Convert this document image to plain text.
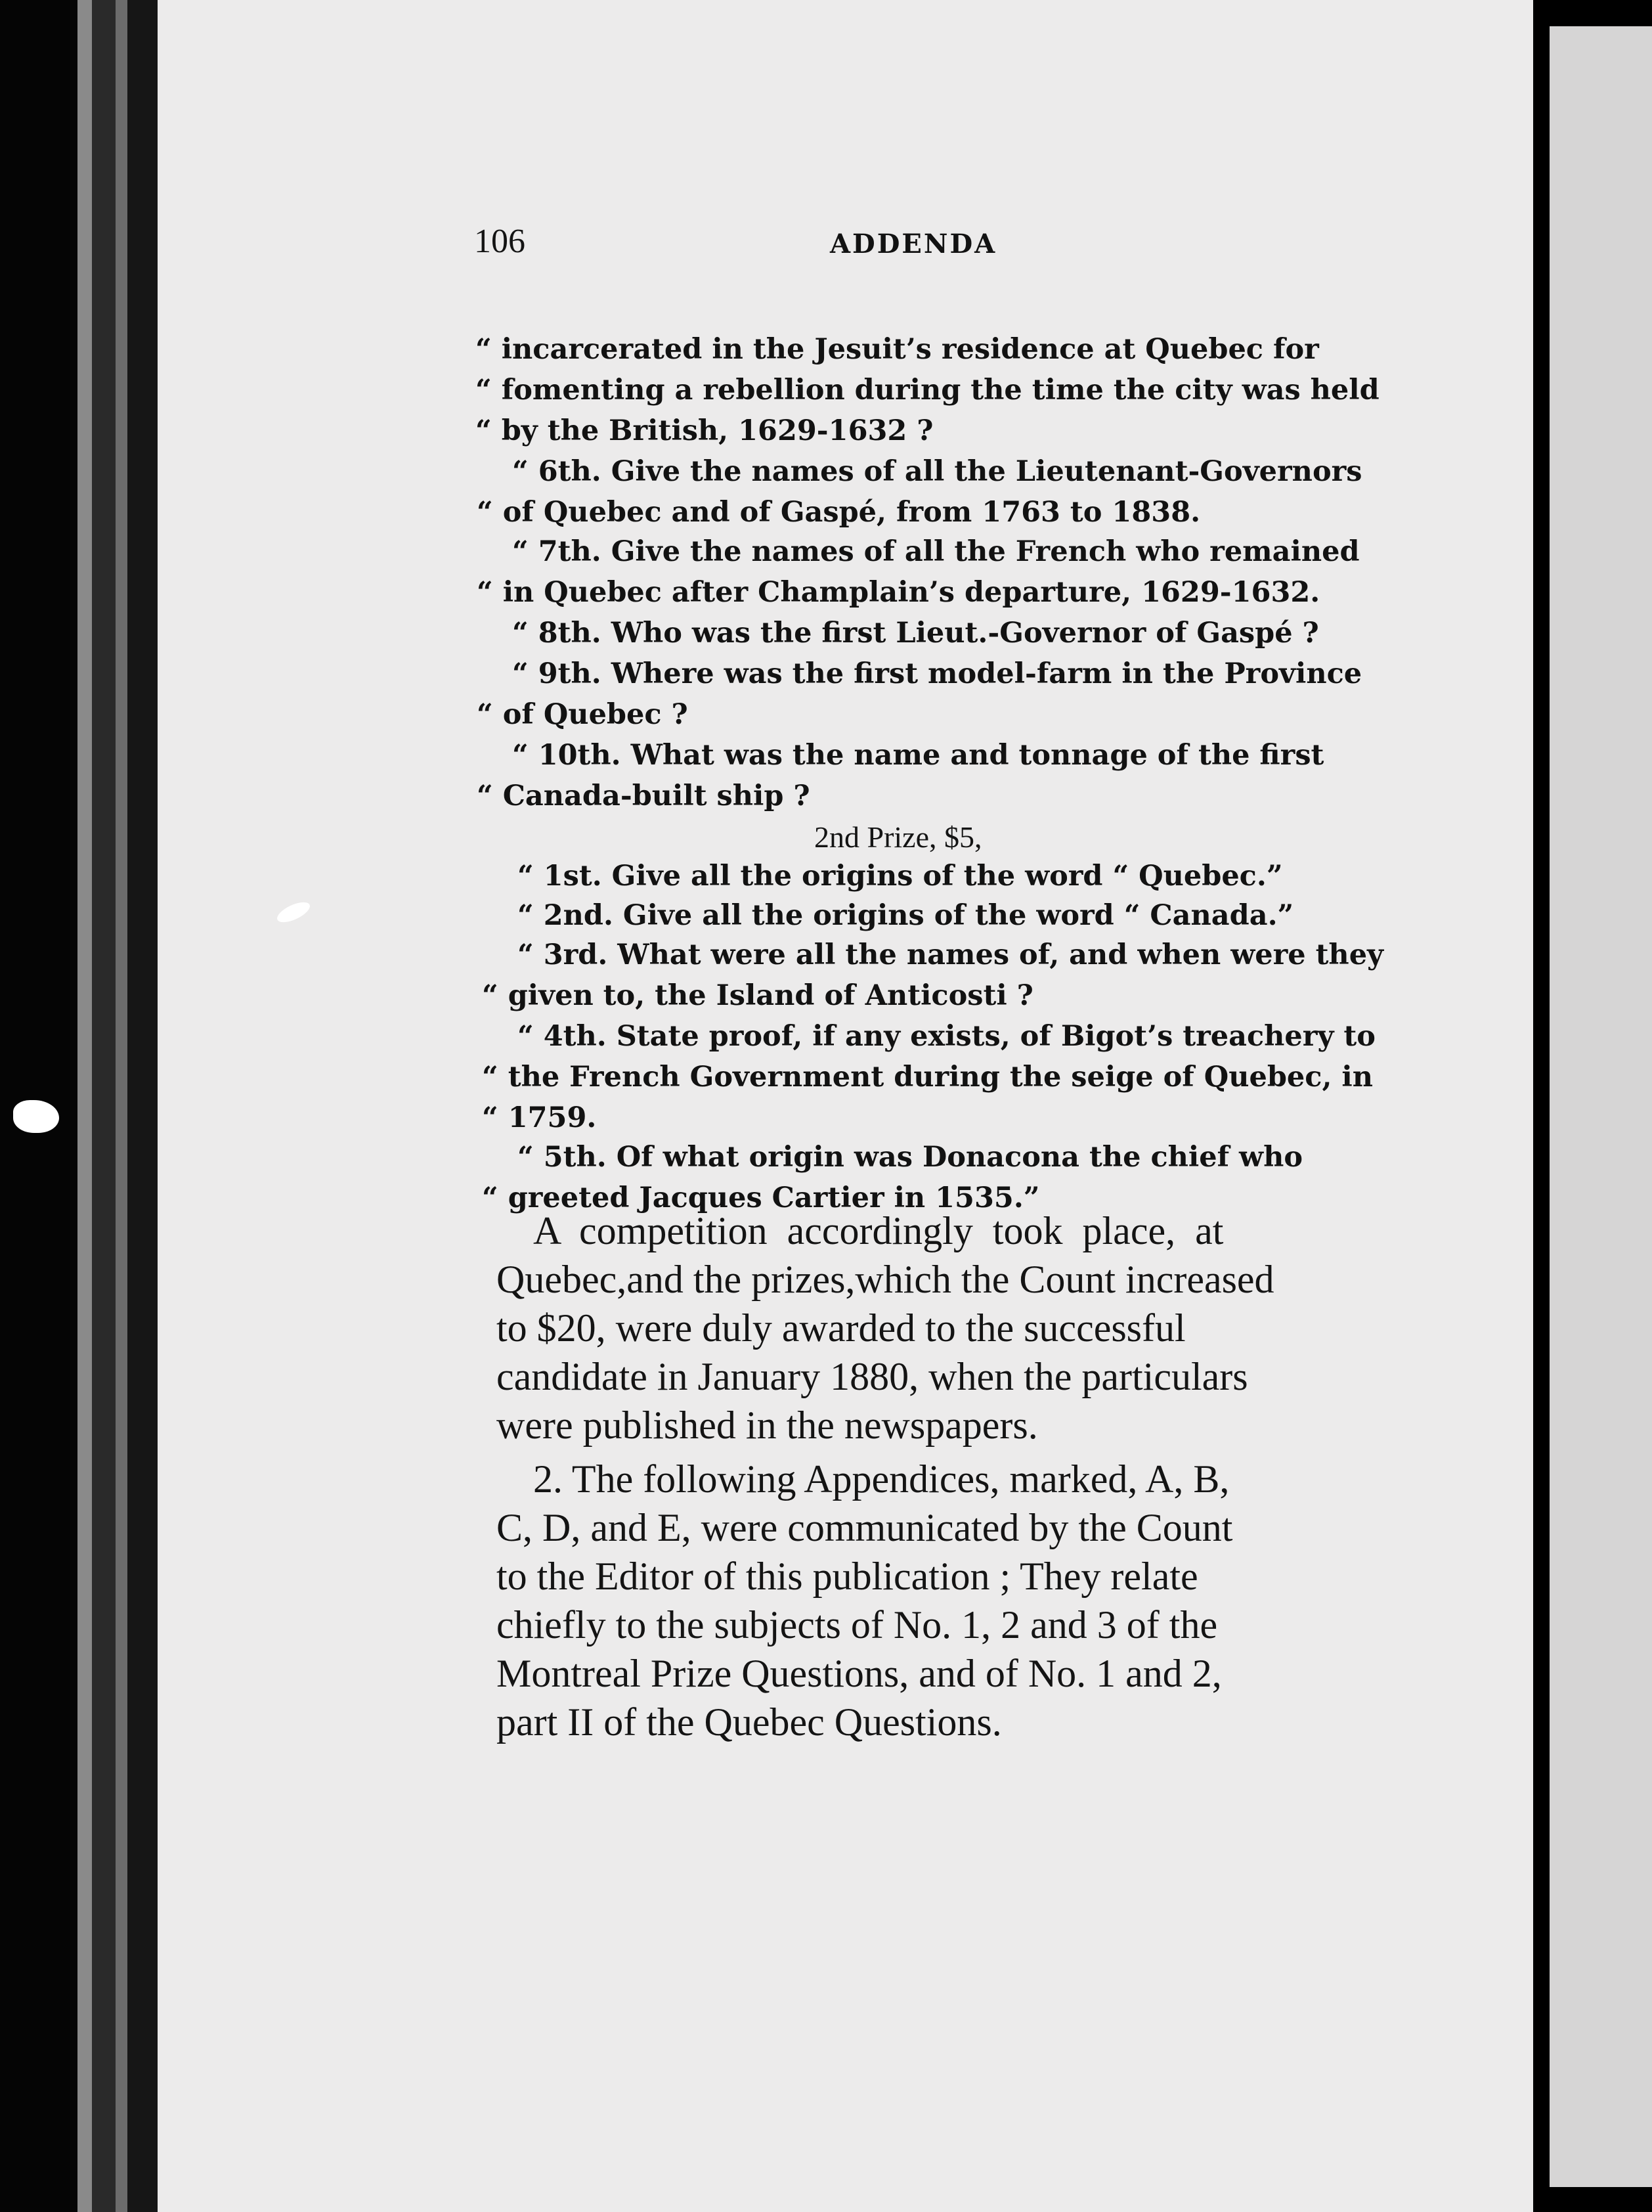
106	ADDENDA

“ incarcerated in the Jesuit’s residence at Quebec for

“ fomenting a rebellion during the time the city was held

“ by the British, 1629-1632 ?

“ 6th. Give the names of all the Lieutenant-Governors

“ of Quebec and of Gaspé, from 1763 to 1838.

“ 7th. Give the names of all the French who remained

“ in Quebec after Champlain’s departure, 1629-1632.

“ 8th. Who was the first Lieut.-Governor of Gaspé ?

“ 9th. Where was the first model-farm in the Province

“ of Quebec ?

“ 10th. What was the name and tonnage of the first

“ Canada-built ship ?

2nd Prize, $5,

“ 1st. Give all the origins of the word “ Quebec.”

“ 2nd. Give all the origins of the word “ Canada.”

“ 3rd. What were all the names of, and when were they

“ given to, the Island of Anticosti ?

“ 4th. State proof, if any exists, of Bigot’s treachery to

“ the French Government during the seige of Quebec, in

“ 1759.

“ 5th. Of what origin was Donacona the chief who

“ greeted Jacques Cartier in 1535.”

A  competition  accordingly  took  place,  at
Quebec,and the prizes,which the Count increased
to $20, were duly awarded to the successful
candidate in January 1880, when the particulars
were published in the newspapers.
2. The following Appendices, marked, A, B,
C, D, and E, were communicated by the Count
to the Editor of this publication ; They relate
chiefly to the subjects of No. 1, 2 and 3 of the
Montreal Prize Questions, and of No. 1 and 2,
part II of the Quebec Questions.
